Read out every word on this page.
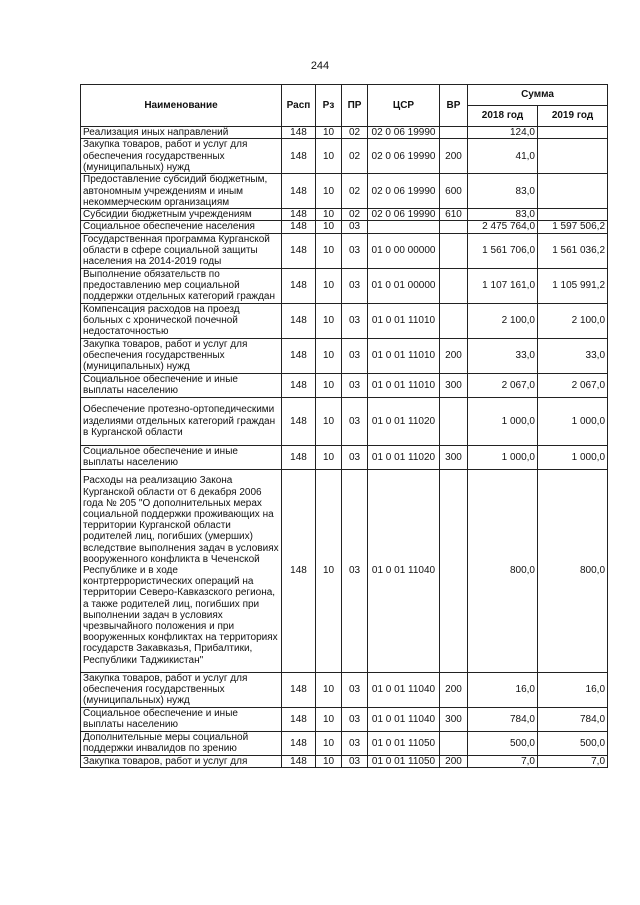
244
Наименование	Расп	Рз	ПР	ЦСР	ВР	Сумма	
						2018 год	2019 год
Реализация иных направлений	148	10	02	02 0 06 19990		124,0	
Закупка товаров, работ и услуг для обеспечения государственных (муниципальных) нужд	148	10	02	02 0 06 19990	200	41,0	
Предоставление субсидий бюджетным, автономным учреждениям и иным некоммерческим организациям	148	10	02	02 0 06 19990	600	83,0	
Субсидии бюджетным учреждениям	148	10	02	02 0 06 19990	610	83,0	
Социальное обеспечение населения	148	10	03			2 475 764,0	1 597 506,2
Государственная программа Курганской области в сфере социальной защиты населения на 2014-2019 годы	148	10	03	01 0 00 00000		1 561 706,0	1 561 036,2
Выполнение обязательств по предоставлению мер социальной поддержки отдельных категорий граждан	148	10	03	01 0 01 00000		1 107 161,0	1 105 991,2
Компенсация расходов на проезд больных с хронической почечной недостаточностью	148	10	03	01 0 01 11010		2 100,0	2 100,0
Закупка товаров, работ и услуг для обеспечения государственных (муниципальных) нужд	148	10	03	01 0 01 11010	200	33,0	33,0
Социальное обеспечение и иные выплаты населению	148	10	03	01 0 01 11010	300	2 067,0	2 067,0
Обеспечение протезно-ортопедическими изделиями отдельных категорий граждан в Курганской области	148	10	03	01 0 01 11020		1 000,0	1 000,0
Социальное обеспечение и иные выплаты населению	148	10	03	01 0 01 11020	300	1 000,0	1 000,0
Расходы на реализацию Закона Курганской области от 6 декабря 2006 года № 205 "О дополнительных мерах социальной поддержки проживающих на территории Курганской области родителей лиц, погибших (умерших) вследствие выполнения задач в условиях вооруженного конфликта в Чеченской Республике и в ходе контртеррористических операций на территории Северо-Кавказского региона, а также родителей лиц, погибших при выполнении задач в условиях чрезвычайного положения и при вооруженных конфликтах на территориях государств Закавказья, Прибалтики, Республики Таджикистан"	148	10	03	01 0 01 11040		800,0	800,0
Закупка товаров, работ и услуг для обеспечения государственных (муниципальных) нужд	148	10	03	01 0 01 11040	200	16,0	16,0
Социальное обеспечение и иные выплаты населению	148	10	03	01 0 01 11040	300	784,0	784,0
Дополнительные меры социальной поддержки инвалидов по зрению	148	10	03	01 0 01 11050		500,0	500,0
Закупка товаров, работ и услуг для	148	10	03	01 0 01 11050	200	7,0	7,0
